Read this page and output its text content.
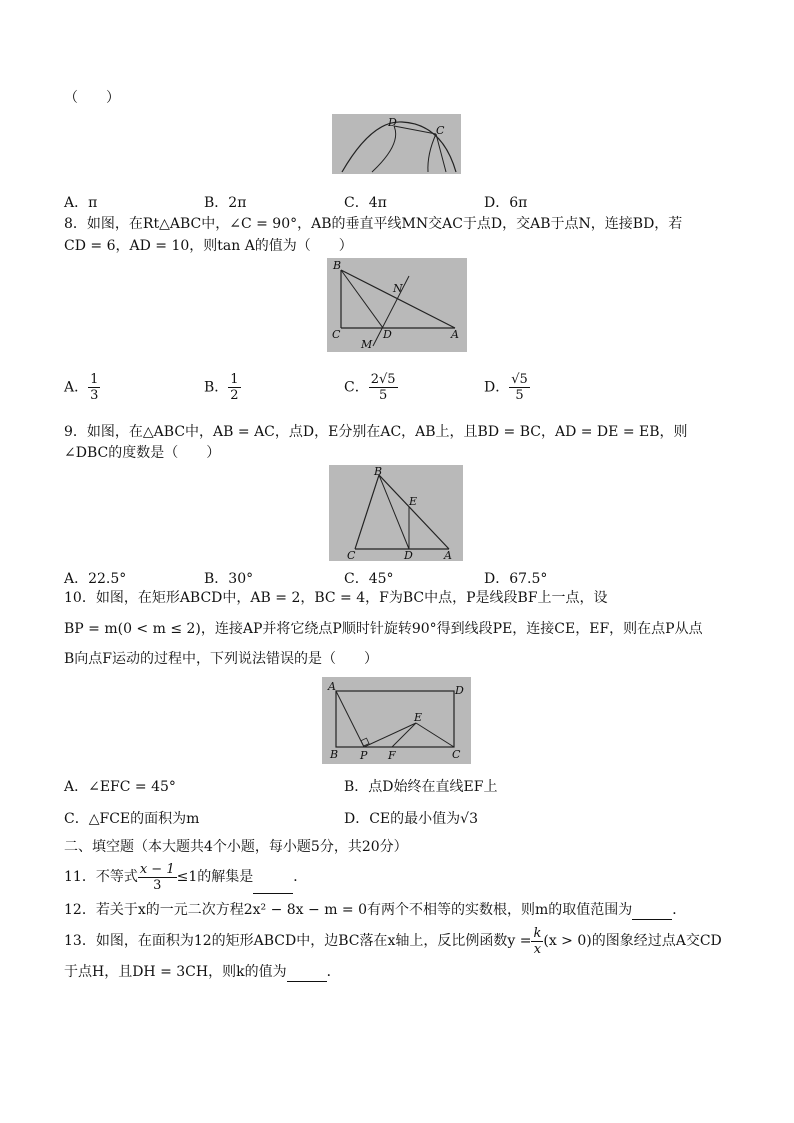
（　　）
D
C
A．π	B．2π	C．4π	D．6π
8．如图，在Rt△ABC中，∠C = 90°，AB的垂直平线MN交AC于点D，交AB于点N，连接BD，若
CD = 6，AD = 10，则tan A的值为（　　）
B
N
C	D	A
M
A． $\frac{1}{3}$	B． $\frac{1}{2}$	C． $\frac{2√5}{5}$	D． $\frac{√5}{5}$
9．如图，在△ABC中，AB = AC，点D，E分别在AC，AB上，且BD = BC，AD = DE = EB，则
∠DBC的度数是（　　）
B
E
C	D	A
A．22.5°	B．30°	C．45°	D．67.5°
10．如图，在矩形ABCD中，AB = 2，BC = 4，F为BC中点，P是线段BF上一点，设
BP = m(0 < m ≤ 2)，连接AP并将它绕点P顺时针旋转90°得到线段PE，连接CE，EF，则在点P从点
B向点F运动的过程中，下列说法错误的是（　　）
A	D
E
B P F	C
A．∠EFC = 45°	B．点D始终在直线EF上
C．△FCE的面积为m	D．CE的最小值为√3
二、填空题（本大题共4个小题，每小题5分，共20分）
11．不等式 $\frac{x - 1}{3} \le 1$的解集是	．
12．若关于x的一元二次方程2x² − 8x − m = 0有两个不相等的实数根，则m的取值范围为	．
13．如图，在面积为12的矩形ABCD中，边BC落在x轴上，反比例函数$y = \frac{k}{x} (x > 0)$的图象经过点A交CD
于点H，且DH = 3CH，则k的值为	．
